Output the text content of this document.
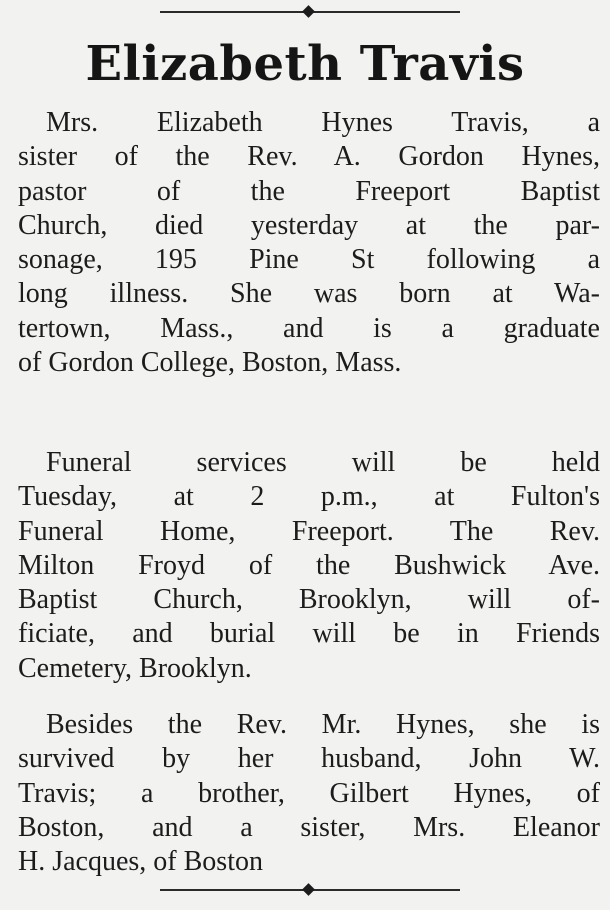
Elizabeth Travis
Mrs. Elizabeth Hynes Travis, a
sister of the Rev. A. Gordon Hynes,
pastor of the Freeport Baptist
Church, died yesterday at the par-
sonage, 195 Pine St following a
long illness. She was born at Wa-
tertown, Mass., and is a graduate
of Gordon College, Boston, Mass.
Funeral services will be held
Tuesday, at 2 p.m., at Fulton's
Funeral Home, Freeport. The Rev.
Milton Froyd of the Bushwick Ave.
Baptist Church, Brooklyn, will of-
ficiate, and burial will be in Friends
Cemetery, Brooklyn.
Besides the Rev. Mr. Hynes, she is
survived by her husband, John W.
Travis; a brother, Gilbert Hynes, of
Boston, and a sister, Mrs. Eleanor
H. Jacques, of Boston
